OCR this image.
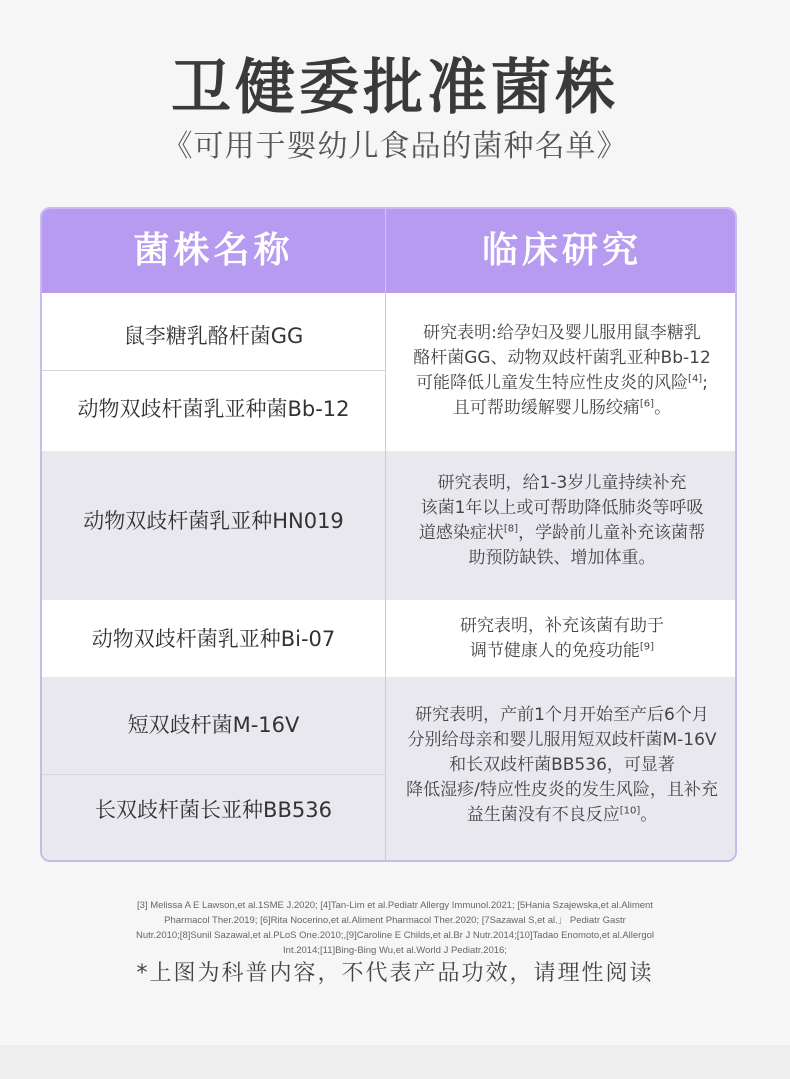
卫健委批准菌株
《可用于婴幼儿食品的菌种名单》
菌株名称	临床研究
鼠李糖乳酪杆菌GG
动物双歧杆菌乳亚种菌Bb-12
研究表明:给孕妇及婴儿服用鼠李糖乳
酪杆菌GG、动物双歧杆菌乳亚种Bb-12
可能降低儿童发生特应性皮炎的风险[4];
且可帮助缓解婴儿肠绞痛[6]。
动物双歧杆菌乳亚种HN019
研究表明，给1-3岁儿童持续补充
该菌1年以上或可帮助降低肺炎等呼吸
道感染症状[8]，学龄前儿童补充该菌帮
助预防缺铁、增加体重。
动物双歧杆菌乳亚种Bi-07
研究表明，补充该菌有助于
调节健康人的免疫功能[9]
短双歧杆菌M-16V
长双歧杆菌长亚种BB536
研究表明，产前1个月开始至产后6个月
分别给母亲和婴儿服用短双歧杆菌M-16V
和长双歧杆菌BB536，可显著
降低湿疹/特应性皮炎的发生风险，且补充
益生菌没有不良反应[10]。
[3] Melissa A E Lawson,et al.1SME J.2020; [4]Tan-Lim et al.Pediatr Allergy Immunol.2021; [5Hania Szajewska,et al.Aliment
Pharmacol Ther.2019; [6]Rita Nocerino,et al.Aliment Pharmacol Ther.2020; [7Sazawal S,et al.」 Pediatr Gastr
Nutr.2010;[8]Sunil Sazawal,et al.PLoS One.2010;,[9]Caroline E Childs,et al.Br J Nutr.2014;[10]Tadao Enomoto,et al.Allergol
Int.2014;[11]Bing-Bing Wu,et al.World J Pediatr.2016;
*上图为科普内容，不代表产品功效，请理性阅读
